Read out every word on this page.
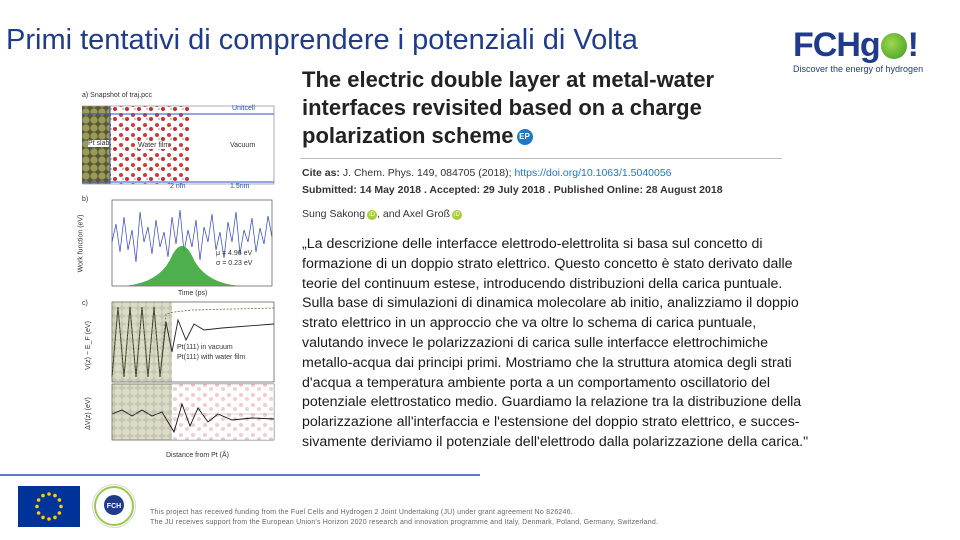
Primi tentativi di comprendere i potenziali di Volta	FCHg !
Discover the energy of hydrogen
a) Snapshot of traj.pcc
Unitcell
Pt slab	Water film	Vacuum
2 nm	1.5nm
b)
Work function (eV)	μ = 4.96 eV
σ = 0.23 eV
Time (ps)
c)
V(z) − E_F (eV)	Pt(111) in vacuum
Pt(111) with water film
ΔV(z) (eV)
Distance from Pt (Å)
The electric double layer at metal-water
interfaces revisited based on a charge
polarization scheme EP
Cite as: J. Chem. Phys. 149, 084705 (2018); https://doi.org/10.1063/1.5040056
Submitted: 14 May 2018 . Accepted: 29 July 2018 . Published Online: 28 August 2018
Sung Sakong iD , and Axel Groß iD
„La descrizione delle interfacce elettrodo-elettrolita si basa sul concetto di
formazione di un doppio strato elettrico. Questo concetto è stato derivato dalle
teorie del continuum estese, introducendo distribuzioni della carica puntuale.
Sulla base di simulazioni di dinamica molecolare ab initio, analizziamo il doppio
strato elettrico in un approccio che va oltre lo schema di carica puntuale,
valutando invece le polarizzazioni di carica sulle interfacce elettrochimiche
metallo-acqua dai principi primi. Mostriamo che la struttura atomica degli strati
d'acqua a temperatura ambiente porta a un comportamento oscillatorio del
potenziale elettrostatico medio. Guardiamo la relazione tra la distribuzione della
polarizzazione all'interfaccia e l'estensione del doppio strato elettrico, e succes-
sivamente deriviamo il potenziale dell'elettrodo dalla polarizzazione della carica."
FCH
This project has received funding from the Fuel Cells and Hydrogen 2 Joint Undertaking (JU) under grant agreement No 826246.
The JU receives support from the European Union's Horizon 2020 research and innovation programme and Italy, Denmark, Poland, Germany, Switzerland.
